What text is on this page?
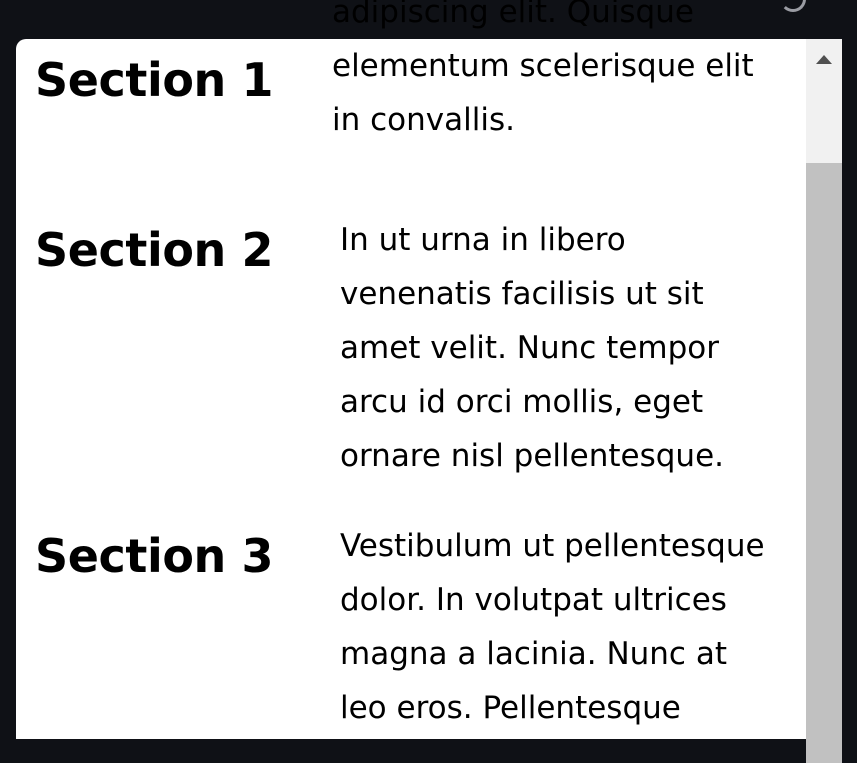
Section 1

adipiscing elit. Quisque
elementum scelerisque elit
in convallis.

Section 2 In ut urna in libero
venenatis facilisis ut sit
amet velit. Nunc tempor
arcu id orci mollis, eget
ornare nisl pellentesque.

Section 3 Vestibulum ut pellentesque
dolor. In volutpat ultrices
magna a lacinia. Nunc at
leo eros. Pellentesque
